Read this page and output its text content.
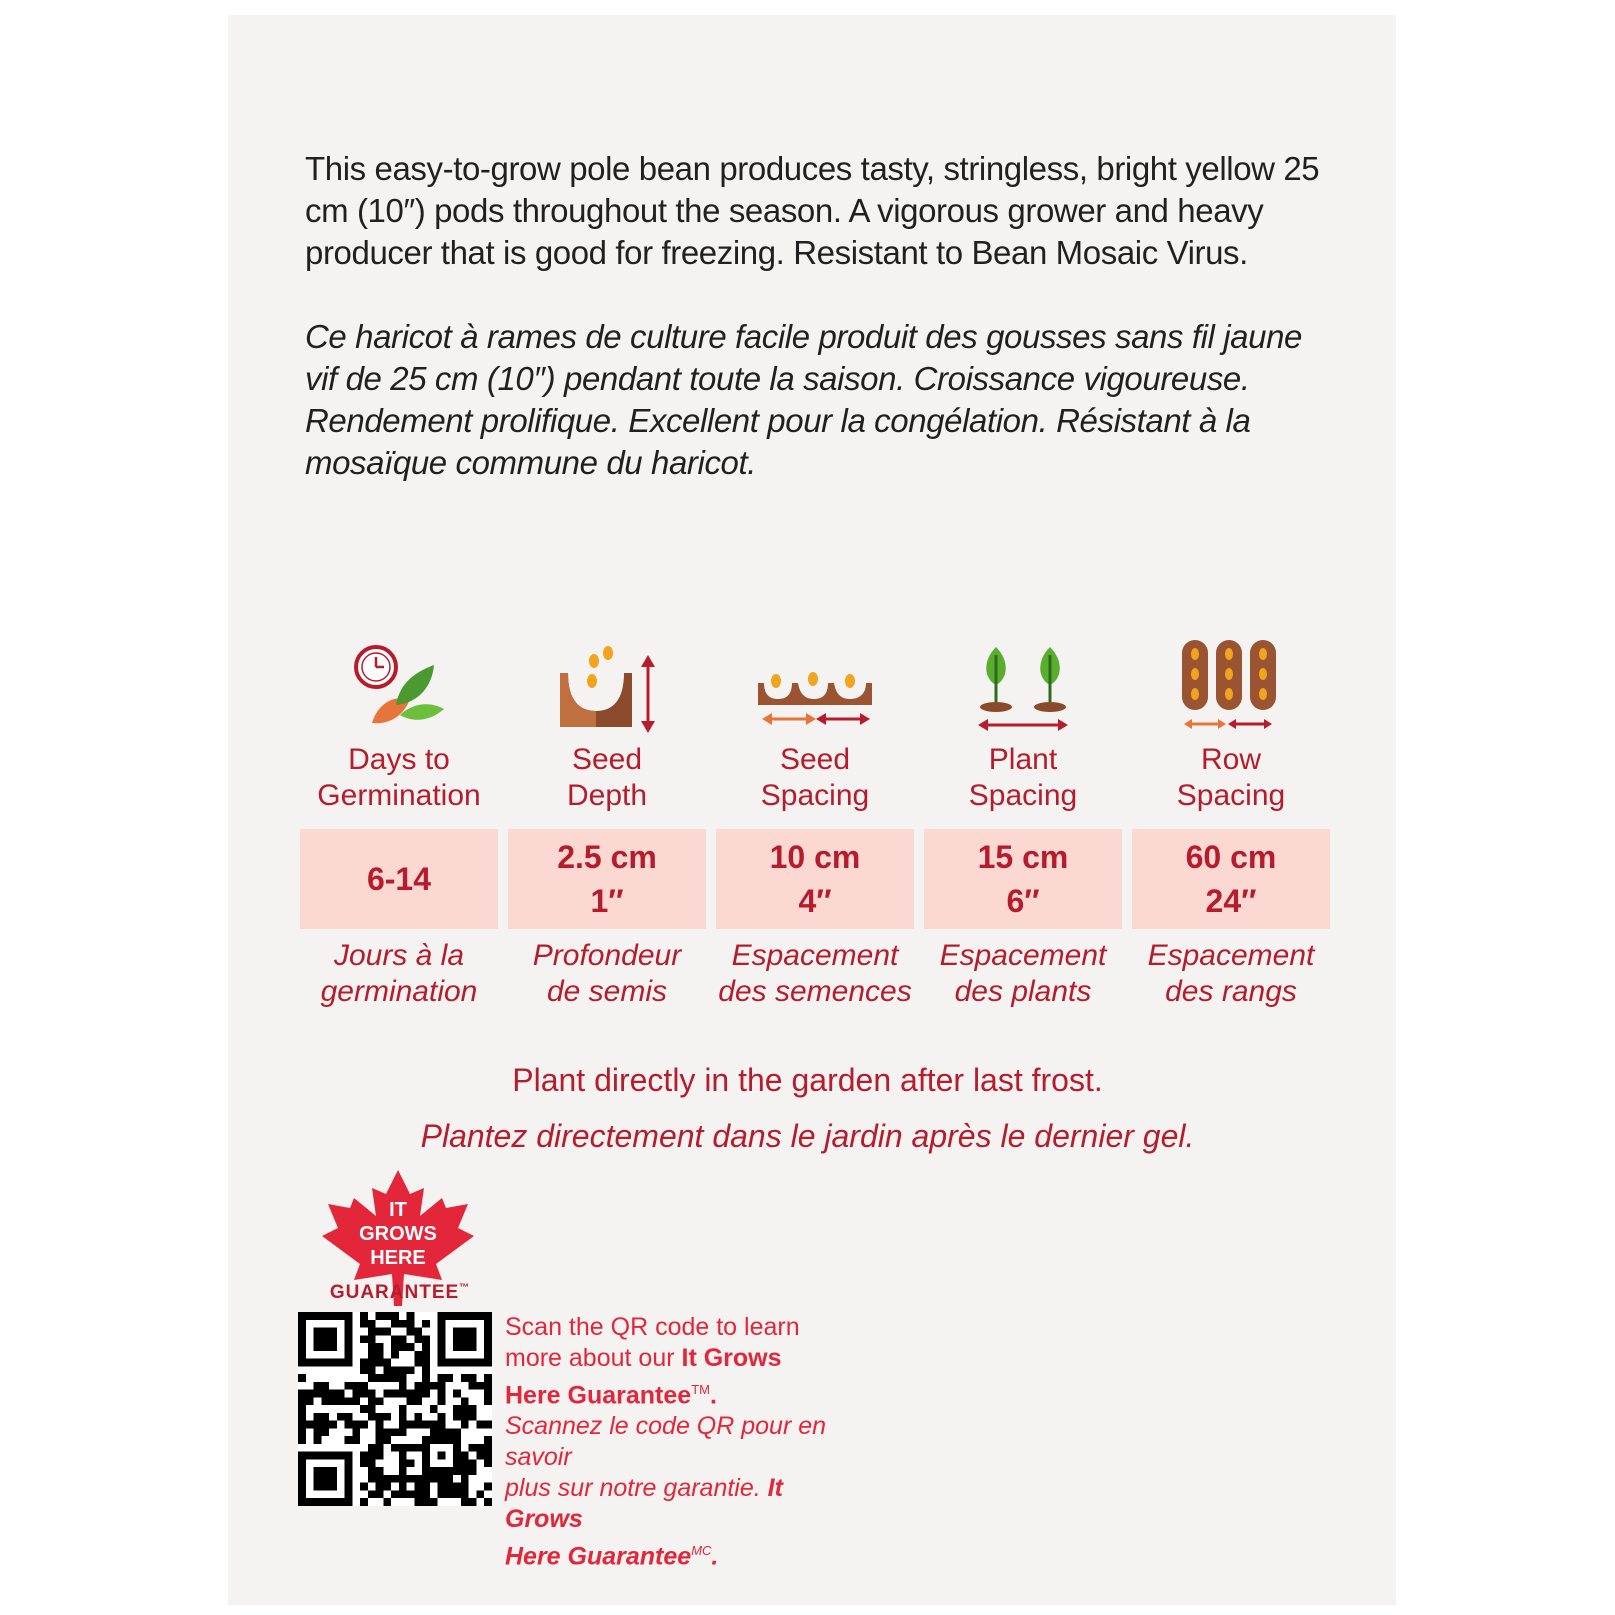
This easy-to-grow pole bean produces tasty, stringless, bright yellow 25 cm (10″) pods throughout the season. A vigorous grower and heavy producer that is good for freezing. Resistant to Bean Mosaic Virus.

Ce haricot à rames de culture facile produit des gousses sans fil jaune vif de 25 cm (10″) pendant toute la saison. Croissance vigoureuse. Rendement prolifique. Excellent pour la congélation. Résistant à la mosaïque commune du haricot.

Days to
Germination
6-14
Jours à la
germination
Seed
Depth
2.5 cm
1″
Profondeur
de semis
Seed
Spacing
10 cm
4″
Espacement
des semences
Plant
Spacing
15 cm
6″
Espacement
des plants
Row
Spacing
60 cm
24″
Espacement
des rangs
Plant directly in the garden after last frost.
Plantez directement dans le jardin après le dernier gel.
IT
GROWS
HERE
GUARANTEE™
Scan the QR code to learn
more about our It Grows
Here Guarantee™.
Scannez le code QR pour en savoir
plus sur notre garantie. It Grows
Here Guarantee$^{MC}$.
